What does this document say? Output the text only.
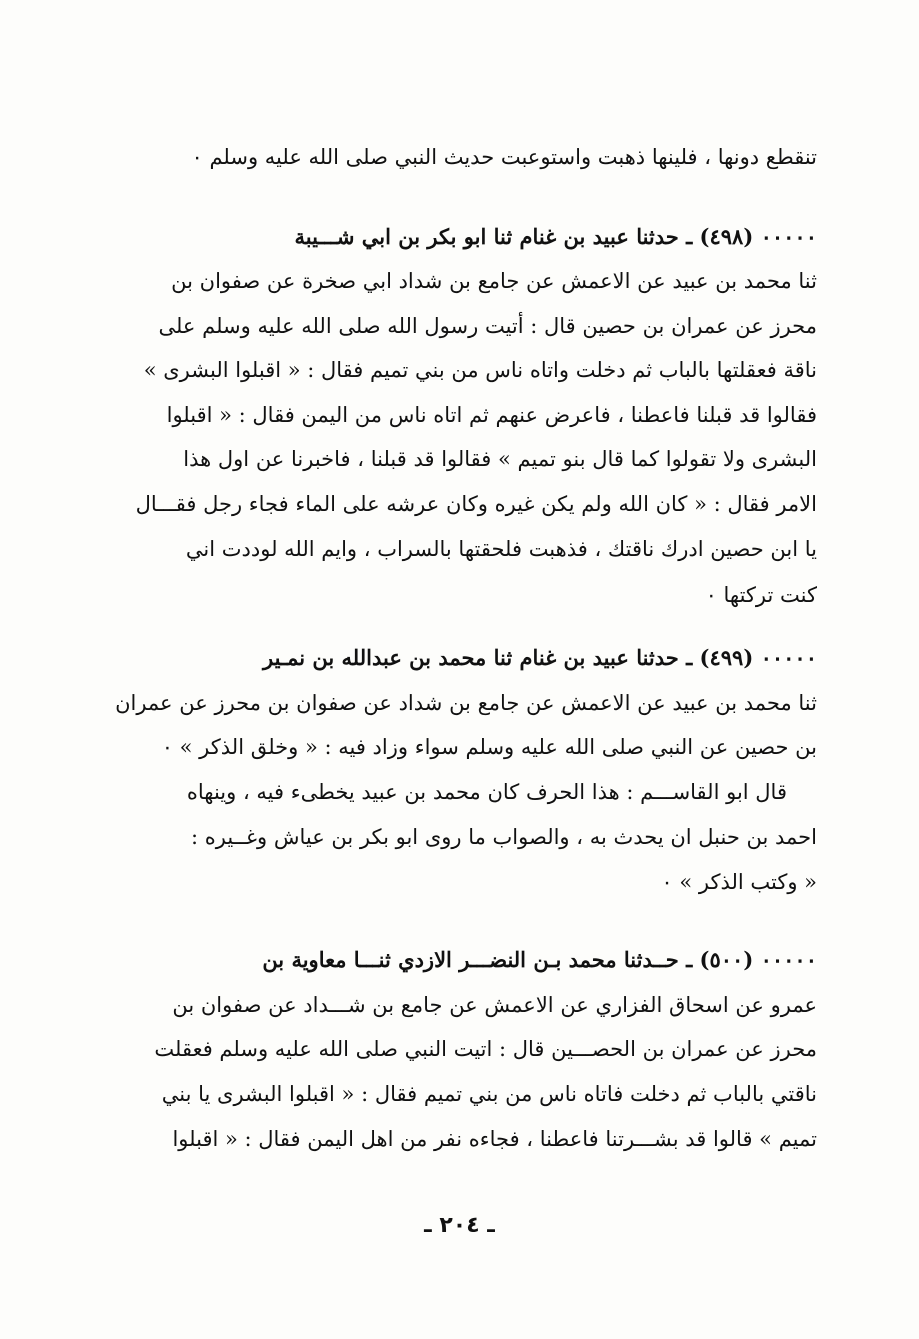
تنقطع دونها ، فلينها ذهبت واستوعبت حديث النبي صلى الله عليه وسلم ٠
٠٠٠٠٠ (٤٩٨) ـ حدثنا عبيد بن غنام ثنا ابو بكر بن ابي شـــيبة
ثنا محمد بن عبيد عن الاعمش عن جامع بن شداد ابي صخرة عن صفوان بن
محرز عن عمران بن حصين قال : أتيت رسول الله صلى الله عليه وسلم على
ناقة فعقلتها بالباب ثم دخلت واتاه ناس من بني تميم فقال : « اقبلوا البشرى »
فقالوا قد قبلنا فاعطنا ، فاعرض عنهم ثم اتاه ناس من اليمن فقال : « اقبلوا
البشرى ولا تقولوا كما قال بنو تميم » فقالوا قد قبلنا ، فاخبرنا عن اول هذا
الامر فقال : « كان الله ولم يكن غيره وكان عرشه على الماء فجاء رجل فقـــال
يا ابن حصين ادرك ناقتك ، فذهبت فلحقتها بالسراب ، وايم الله لوددت اني
كنت تركتها ٠
٠٠٠٠٠ (٤٩٩) ـ حدثنا عبيد بن غنام ثنا محمد بن عبدالله بن نمـير
ثنا محمد بن عبيد عن الاعمش عن جامع بن شداد عن صفوان بن محرز عن عمران
بن حصين عن النبي صلى الله عليه وسلم سواء وزاد فيه : « وخلق الذكر » ٠
قال ابو القاســـم : هذا الحرف كان محمد بن عبيد يخطىء فيه ، وينهاه
احمد بن حنبل ان يحدث به ، والصواب ما روى ابو بكر بن عياش وغــيره :
« وكتب الذكر » ٠
٠٠٠٠٠ (٥٠٠) ـ حــدثنا محمد بـن النضـــر الازدي ثنـــا معاوية بن
عمرو عن اسحاق الفزاري عن الاعمش عن جامع بن شـــداد عن صفوان بن
محرز عن عمران بن الحصـــين قال : اتيت النبي صلى الله عليه وسلم فعقلت
ناقتي بالباب ثم دخلت فاتاه ناس من بني تميم فقال : « اقبلوا البشرى يا بني
تميم » قالوا قد بشـــرتنا فاعطنا ، فجاءه نفر من اهل اليمن فقال : « اقبلوا
ـ ٢٠٤ ـ
